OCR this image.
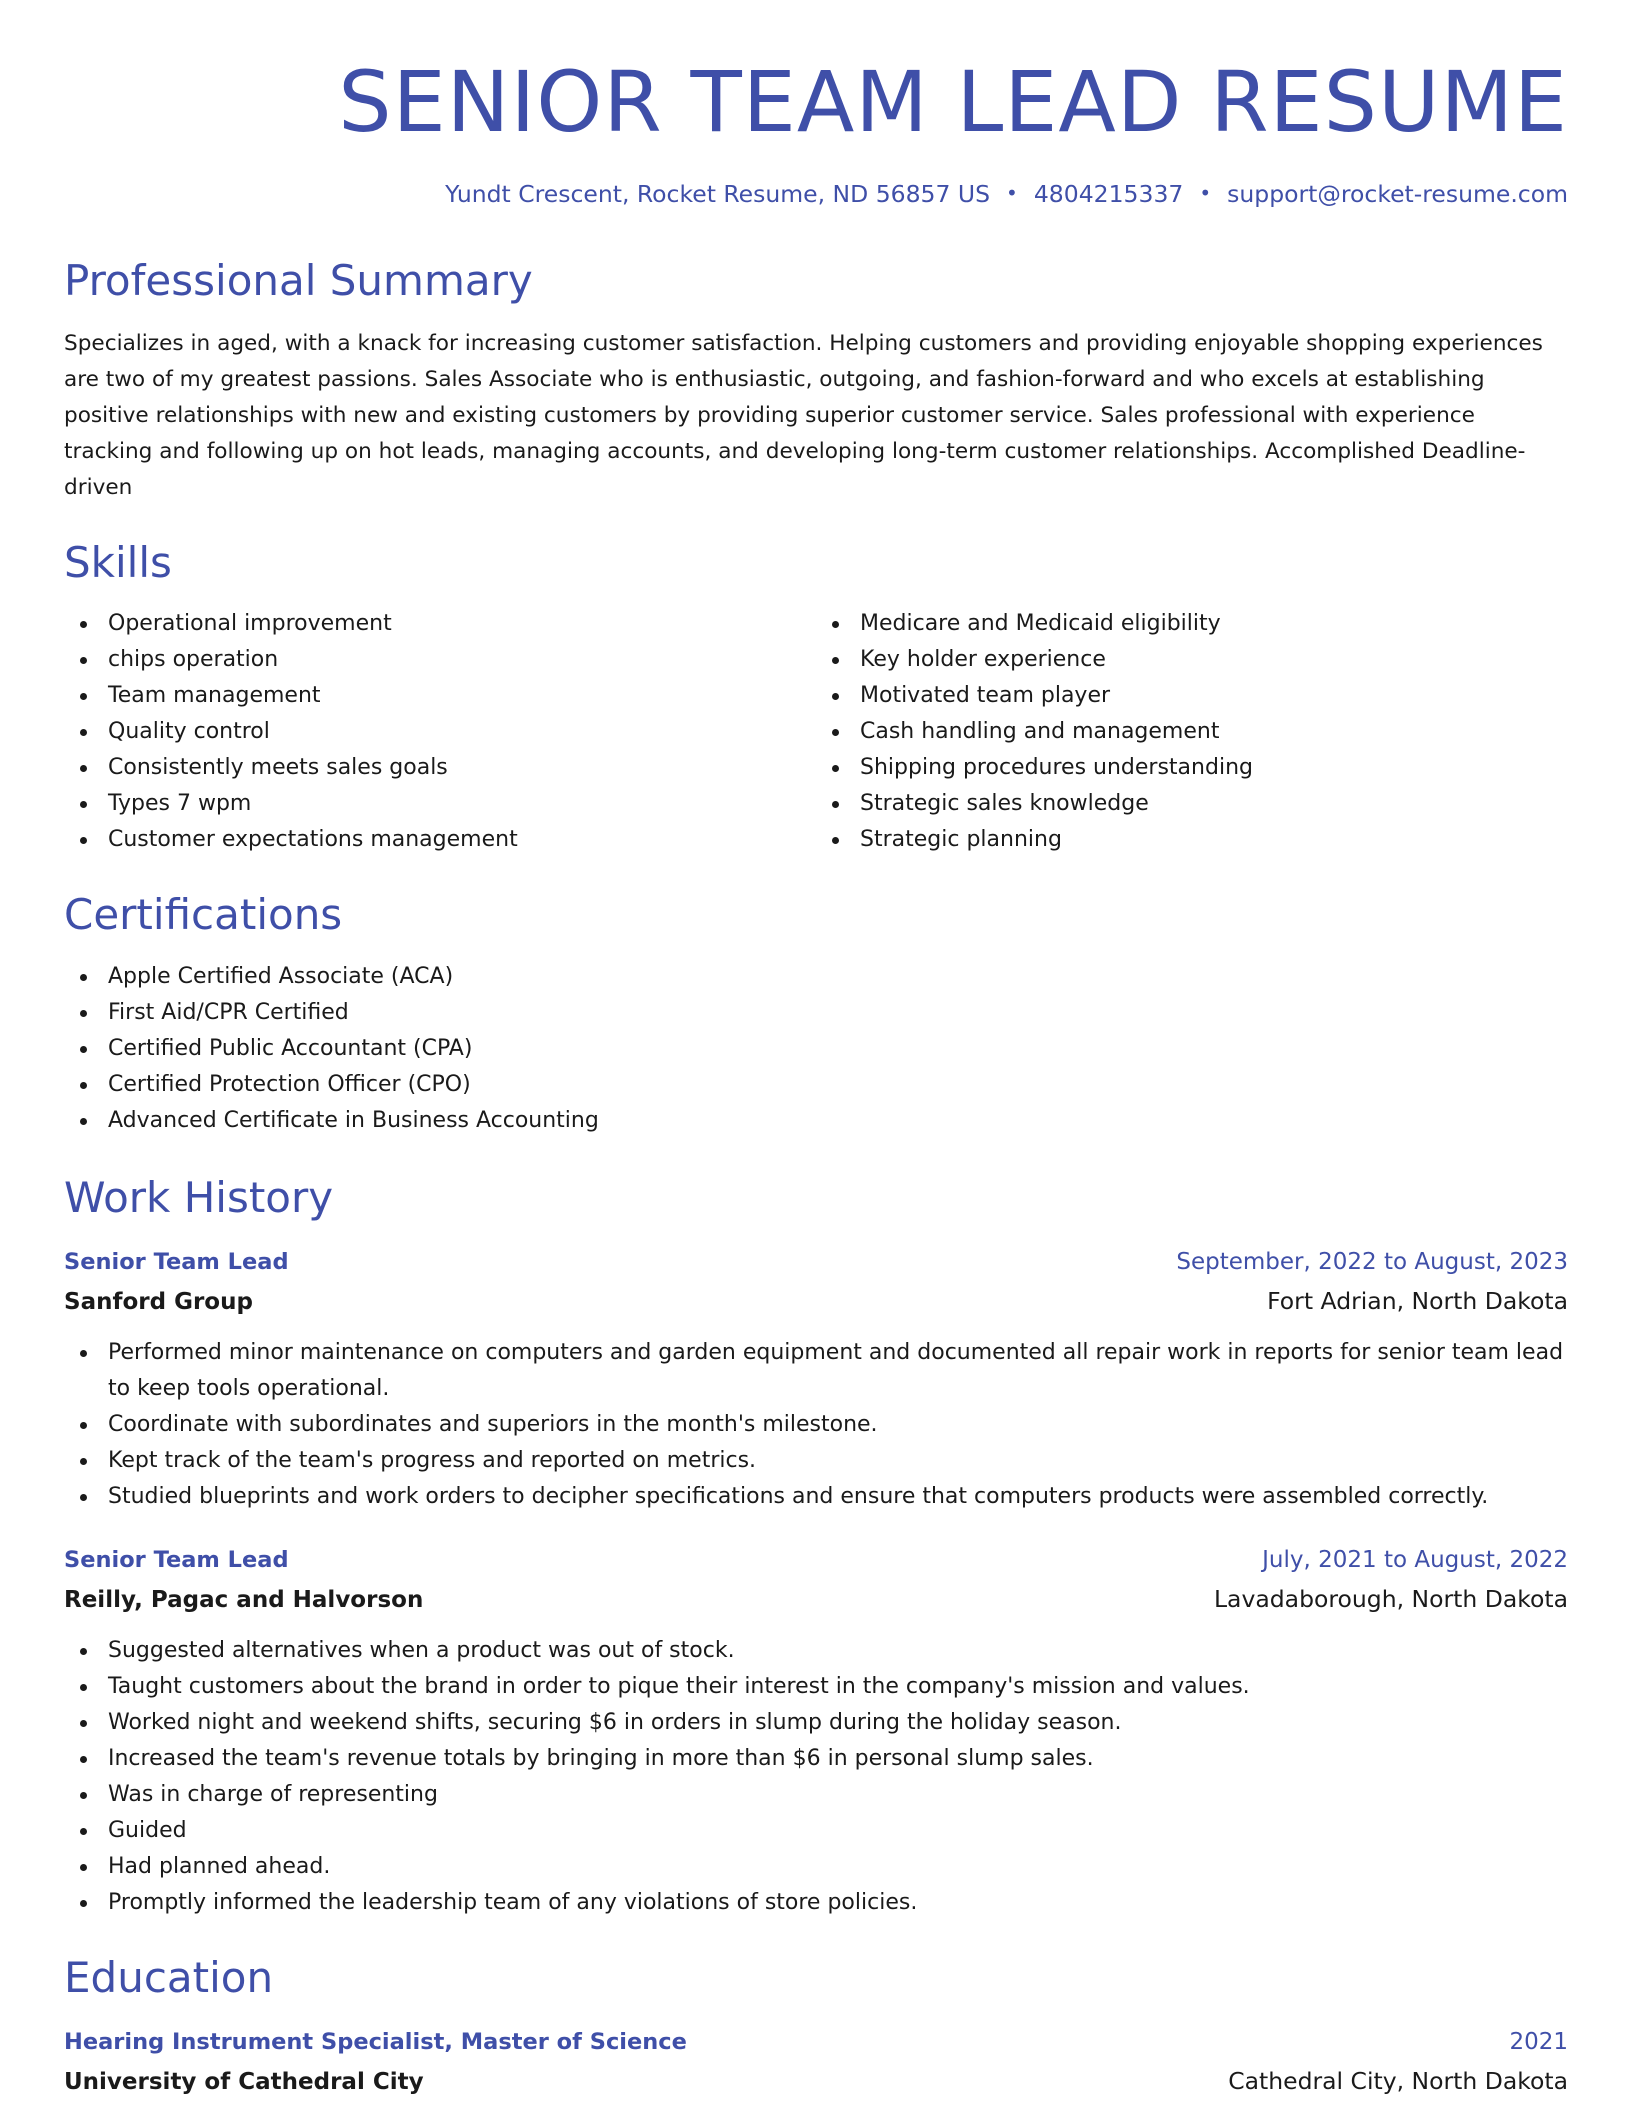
SENIOR TEAM LEAD RESUME
Yundt Crescent, Rocket Resume, ND 56857 US • 4804215337 • support@rocket-resume.com
Professional Summary

Specializes in aged, with a knack for increasing customer satisfaction. Helping customers and providing enjoyable shopping experiences are two of my greatest passions. Sales Associate who is enthusiastic, outgoing, and fashion-forward and who excels at establishing positive relationships with new and existing customers by providing superior customer service. Sales professional with experience tracking and following up on hot leads, managing accounts, and developing long-term customer relationships. Accomplished Deadline-driven

Skills
Operational improvement
chips operation
Team management
Quality control
Consistently meets sales goals
Types 7 wpm
Customer expectations management
Medicare and Medicaid eligibility
Key holder experience
Motivated team player
Cash handling and management
Shipping procedures understanding
Strategic sales knowledge
Strategic planning
Certifications
Apple Certified Associate (ACA)
First Aid/CPR Certified
Certified Public Accountant (CPA)
Certified Protection Officer (CPO)
Advanced Certificate in Business Accounting
Work History
Senior Team Lead	September, 2022 to August, 2023
Sanford Group	Fort Adrian, North Dakota
Performed minor maintenance on computers and garden equipment and documented all repair work in reports for senior team lead to keep tools operational.
Coordinate with subordinates and superiors in the month's milestone.
Kept track of the team's progress and reported on metrics.
Studied blueprints and work orders to decipher specifications and ensure that computers products were assembled correctly.
Senior Team Lead	July, 2021 to August, 2022
Reilly, Pagac and Halvorson	Lavadaborough, North Dakota
Suggested alternatives when a product was out of stock.
Taught customers about the brand in order to pique their interest in the company's mission and values.
Worked night and weekend shifts, securing $6 in orders in slump during the holiday season.
Increased the team's revenue totals by bringing in more than $6 in personal slump sales.
Was in charge of representing
Guided
Had planned ahead.
Promptly informed the leadership team of any violations of store policies.
Education
Hearing Instrument Specialist, Master of Science	2021
University of Cathedral City	Cathedral City, North Dakota
